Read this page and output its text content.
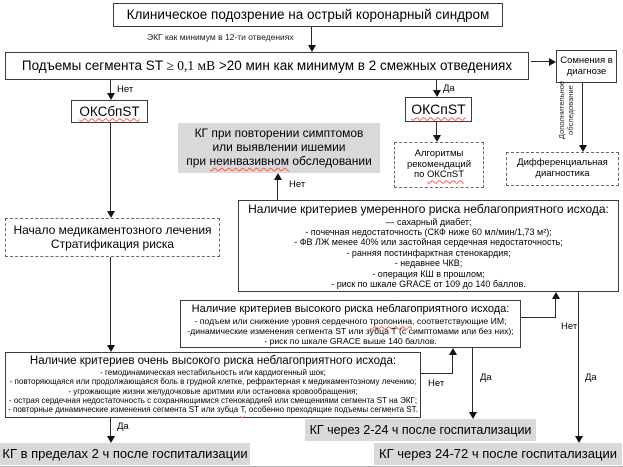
Клиническое подозрение на острый коронарный синдром
ЭКГ как минимум в 12-ти отведениях
Подъемы сегмента ST ≥ 0,1 мВ >20 мин как минимум в 2 смежных отведениях	Сомнения в диагнозе
Нет	Да
ОКСбпST	ОКСпST	Дополнительное обследование
КГ при повторении симптомов
или выявлении ишемии
при неинвазивном обследовании
Алгоритмы
рекомендаций
по ОКСпST
Дифференциальная диагностика
Нет
Начало медикаментозного лечения
Стратификация риска
Наличие критериев умеренного риска неблагоприятного исхода:
— сахарный диабет;
- почечная недостаточность (СКФ ниже 60 мл/мин/1,73 м²);
- ФВ ЛЖ менее 40% или застойная сердечная недостаточность;
- ранняя постинфарктная стенокардия;
- недавнее ЧКВ;
- операция КШ в прошлом;
- риск по шкале GRACE от 109 до 140 баллов.
Наличие критериев высокого риска неблагоприятного исхода:
- подъем или снижение уровня сердечного тропонина, соответствующие ИМ;
-динамические изменения сегмента ST или зубца Т (с симптомами или без них);
- риск по шкале GRACE выше 140 баллов.
Наличие критериев очень высокого риска неблагоприятного исхода:
- гемодинамическая нестабильность или кардиогенный шок;
- повторяющаяся или продолжающаяся боль в грудной клетке, рефрактерная к медикаментозному лечению;
- угрожающие жизни желудочковые аритмии или остановка кровообращения;
- острая сердечная недостаточность с сохраняющимися стенокардией или смещениями сегмента ST на ЭКГ;
- повторные динамические изменения сегмента ST или зубца Т, особенно преходящие подъемы сегмента ST.
Нет
Да
Нет
Да
Да	КГ через 2-24 ч после госпитализации
КГ в пределах 2 ч после госпитализации	КГ через 24-72 ч после госпитализации
